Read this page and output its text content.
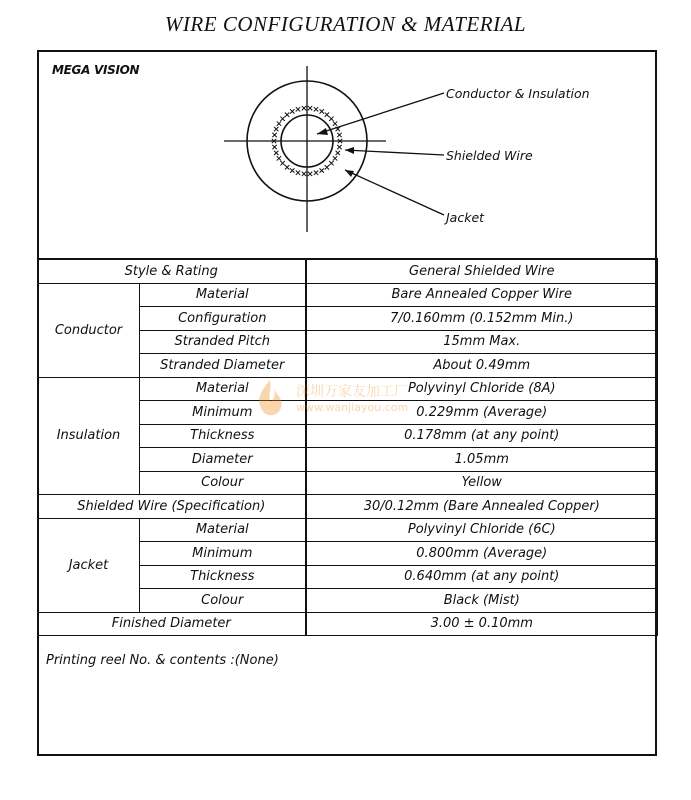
WIRE CONFIGURATION & MATERIAL
MEGA VISION
Conductor & Insulation
Shielded Wire
Jacket
Style & Rating		General Shielded Wire
Conductor	Material	Bare Annealed Copper Wire
	Configuration	7/0.160mm (0.152mm Min.)
	Stranded Pitch	15mm Max.
	Stranded Diameter	About 0.49mm
Insulation	Material	Polyvinyl Chloride (8A)
	Minimum	0.229mm (Average)
	Thickness	0.178mm (at any point)
	Diameter	1.05mm
	Colour	Yellow
Shielded Wire (Specification)		30/0.12mm (Bare Annealed Copper)
Jacket	Material	Polyvinyl Chloride (6C)
	Minimum	0.800mm (Average)
	Thickness	0.640mm (at any point)
	Colour	Black (Mist)
Finished Diameter		3.00 ± 0.10mm
Printing reel No. & contents :(None)
深圳万家友加工厂
www.wanjiayou.com
